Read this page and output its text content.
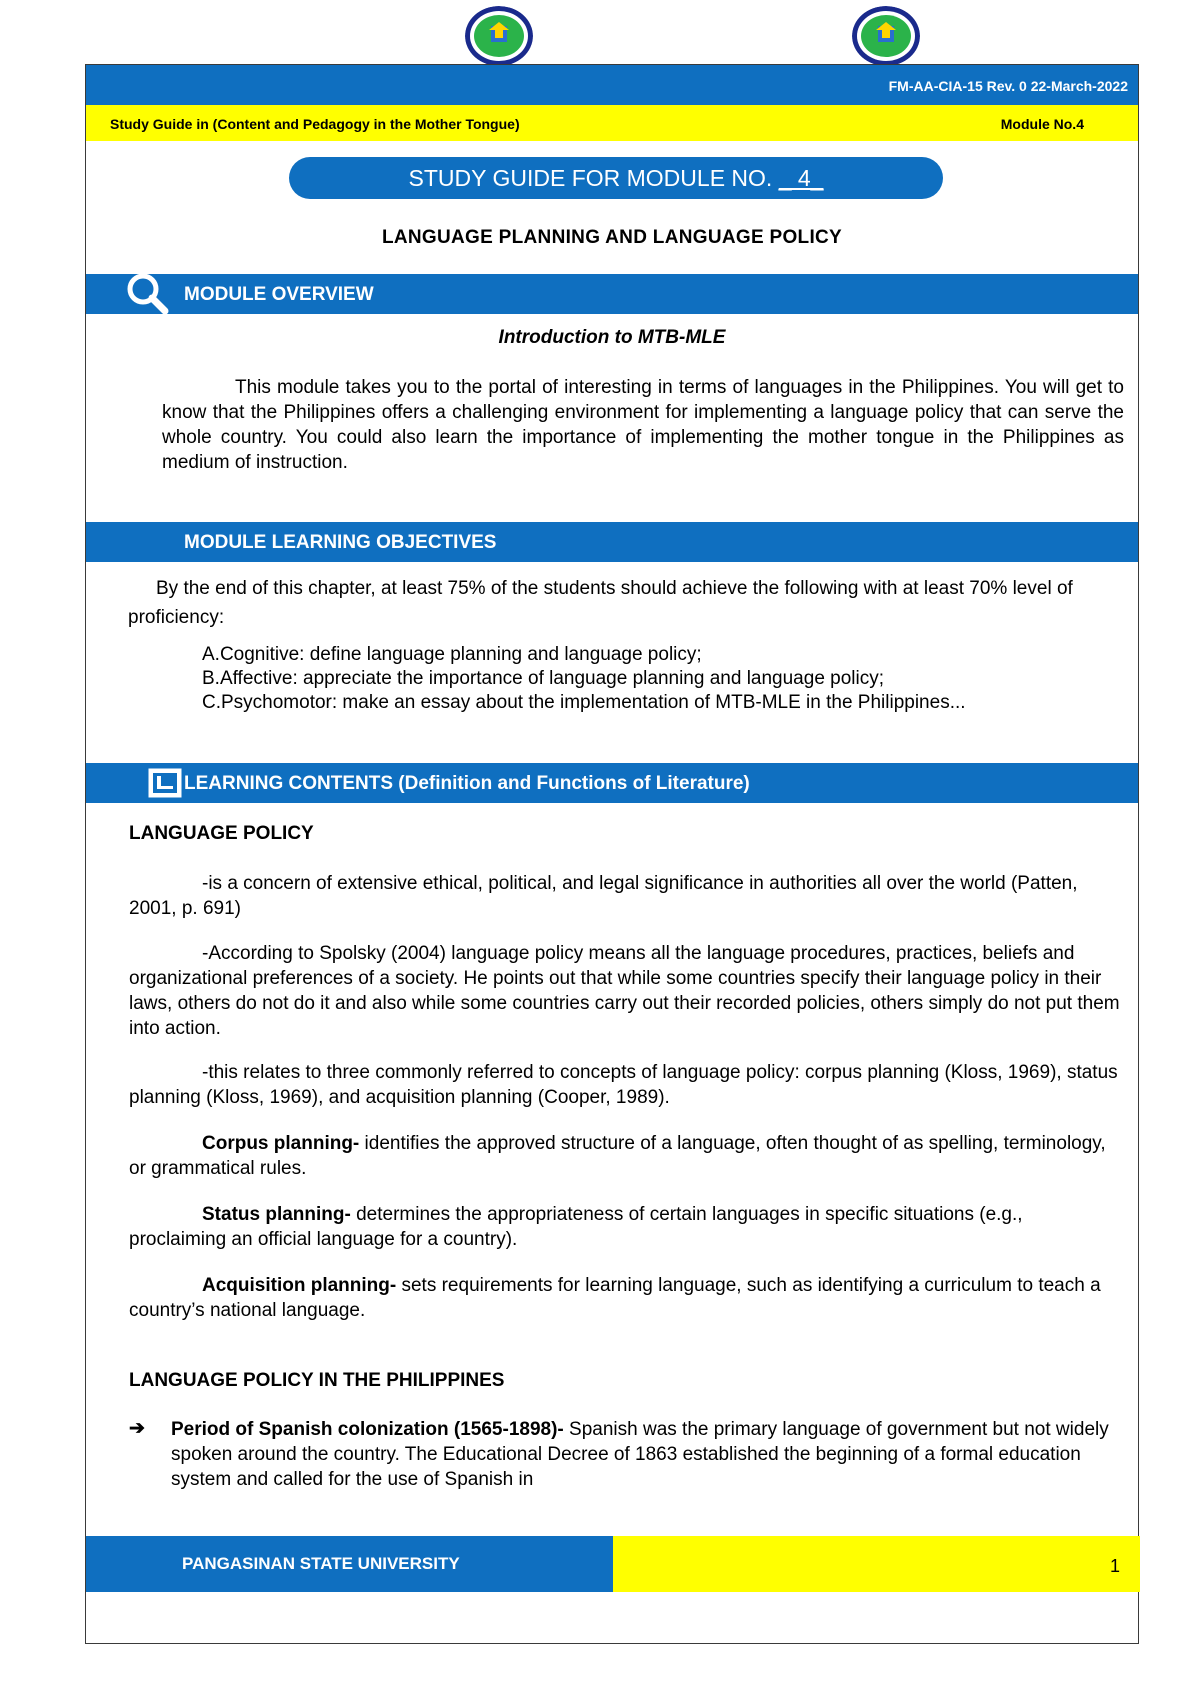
FM-AA-CIA-15 Rev. 0 22-March-2022
Study Guide in (Content and Pedagogy in the Mother Tongue)	Module No.4
STUDY GUIDE FOR MODULE NO. _ 4_
LANGUAGE PLANNING AND LANGUAGE POLICY
MODULE OVERVIEW
Introduction to MTB-MLE
This module takes you to the portal of interesting in terms of languages in the Philippines. You will get to know that the Philippines offers a challenging environment for implementing a language policy that can serve the whole country. You could also learn the importance of implementing the mother tongue in the Philippines as medium of instruction.
MODULE LEARNING OBJECTIVES
By the end of this chapter, at least 75% of the students should achieve the following with at least 70% level of proficiency:
A.Cognitive: define language planning and language policy;
B.Affective: appreciate the importance of language planning and language policy;
C.Psychomotor: make an essay about the implementation of MTB-MLE in the Philippines...
LEARNING CONTENTS (Definition and Functions of Literature)
LANGUAGE POLICY
-is a concern of extensive ethical, political, and legal significance in authorities all over the world (Patten, 2001, p. 691)
-According to Spolsky (2004) language policy means all the language procedures, practices, beliefs and organizational preferences of a society. He points out that while some countries specify their language policy in their laws, others do not do it and also while some countries carry out their recorded policies, others simply do not put them into action.
-this relates to three commonly referred to concepts of language policy: corpus planning (Kloss, 1969), status planning (Kloss, 1969), and acquisition planning (Cooper, 1989).
Corpus planning- identifies the approved structure of a language, often thought of as spelling, terminology, or grammatical rules.
Status planning- determines the appropriateness of certain languages in specific situations (e.g., proclaiming an official language for a country).
Acquisition planning- sets requirements for learning language, such as identifying a curriculum to teach a country’s national language.
LANGUAGE POLICY IN THE PHILIPPINES
➔ Period of Spanish colonization (1565-1898)- Spanish was the primary language of government but not widely spoken around the country. The Educational Decree of 1863 established the beginning of a formal education system and called for the use of Spanish in
PANGASINAN STATE UNIVERSITY	1
